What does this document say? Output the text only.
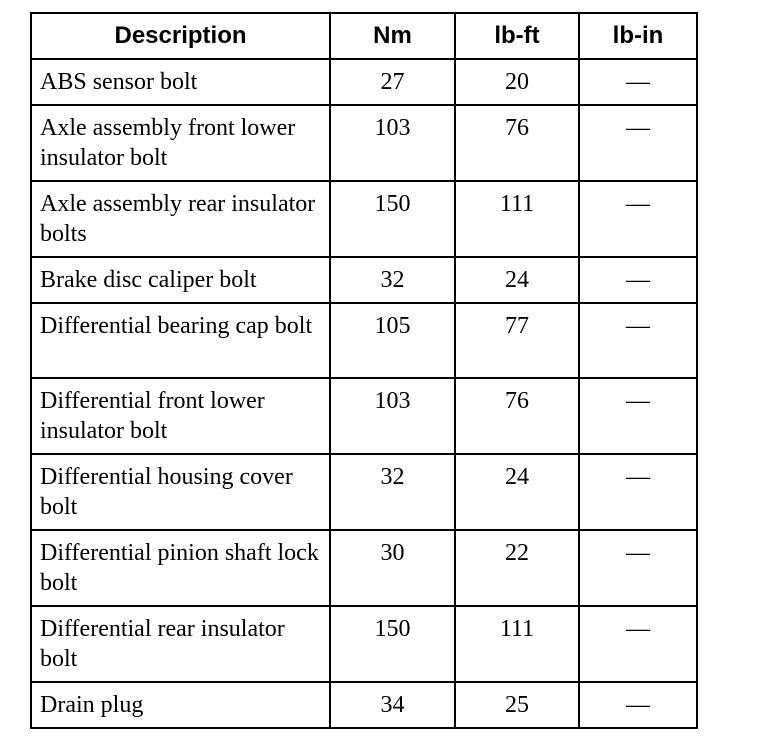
Description	Nm	lb-ft	lb-in
ABS sensor bolt	27	20	—
Axle assembly front lower insulator bolt	103	76	—
Axle assembly rear insulator bolts	150	111	—
Brake disc caliper bolt	32	24	—
Differential bearing cap bolt	105	77	—
Differential front lower insulator bolt	103	76	—
Differential housing cover bolt	32	24	—
Differential pinion shaft lock bolt	30	22	—
Differential rear insulator bolt	150	111	—
Drain plug	34	25	—
